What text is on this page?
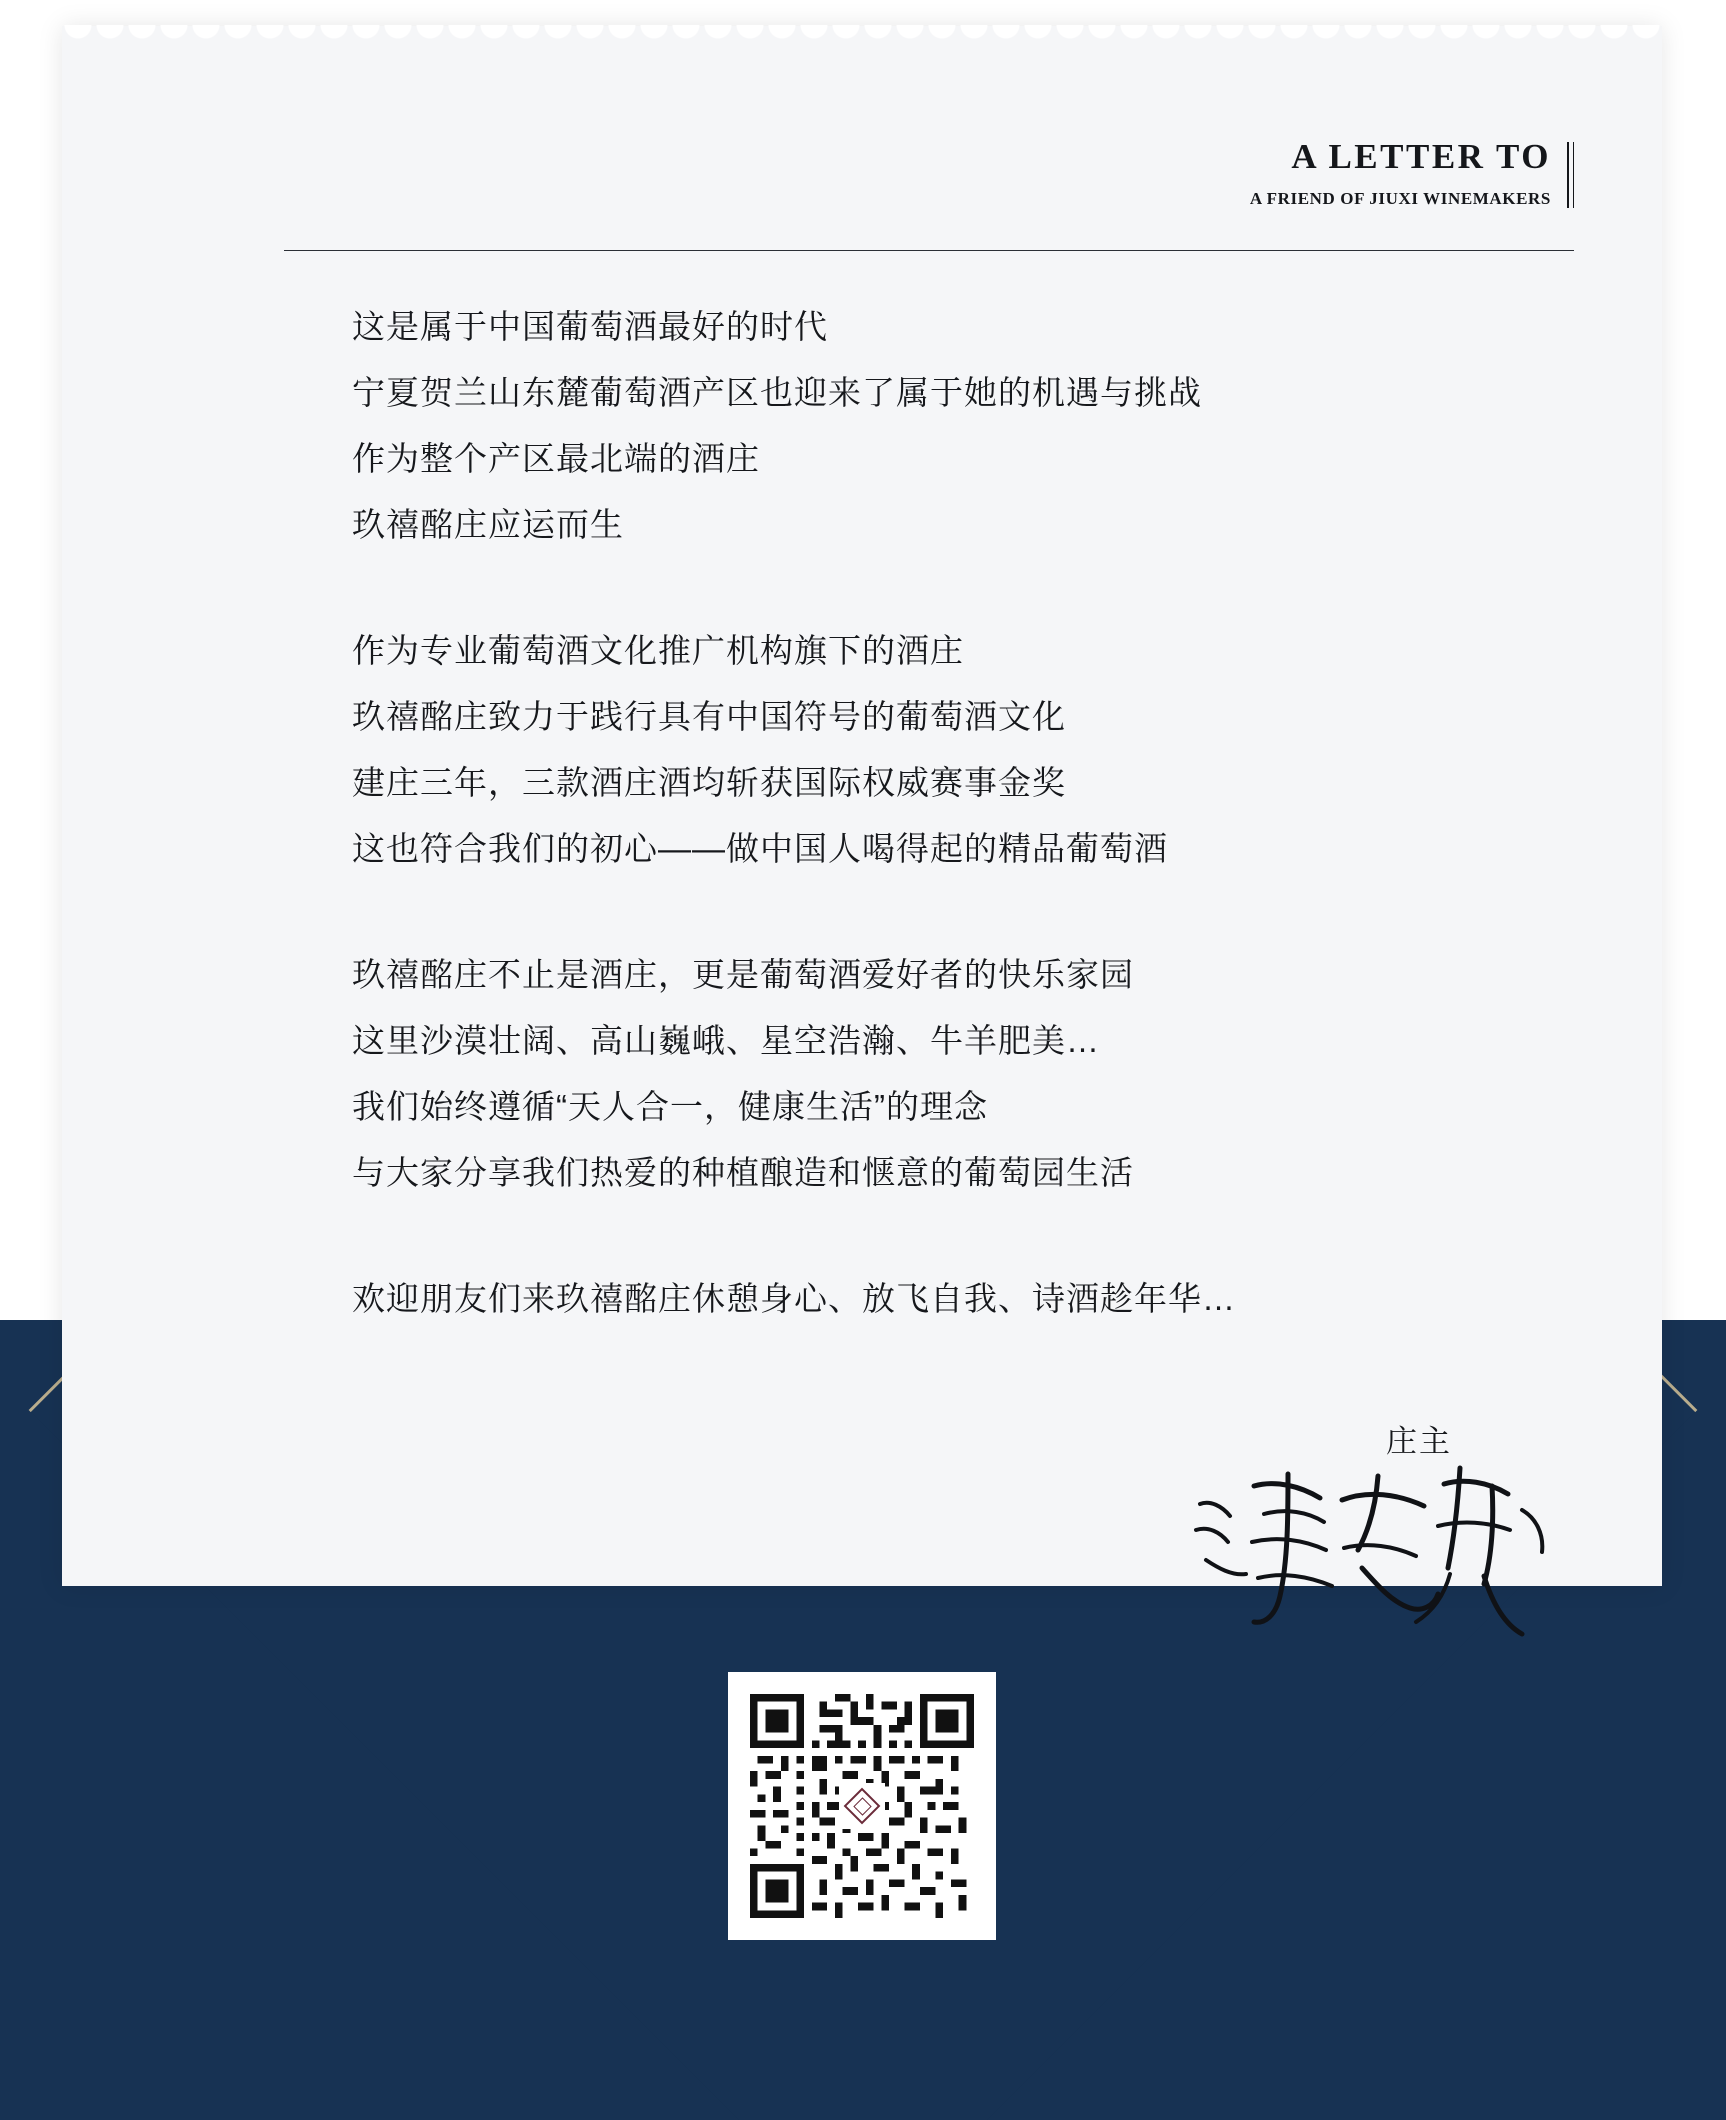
A LETTER TO
A FRIEND OF JIUXI WINEMAKERS
这是属于中国葡萄酒最好的时代
宁夏贺兰山东麓葡萄酒产区也迎来了属于她的机遇与挑战
作为整个产区最北端的酒庄
玖禧酩庄应运而生
作为专业葡萄酒文化推广机构旗下的酒庄
玖禧酩庄致力于践行具有中国符号的葡萄酒文化
建庄三年，三款酒庄酒均斩获国际权威赛事金奖
这也符合我们的初心——做中国人喝得起的精品葡萄酒
玖禧酩庄不止是酒庄，更是葡萄酒爱好者的快乐家园
这里沙漠壮阔、高山巍峨、星空浩瀚、牛羊肥美…
我们始终遵循“天人合一，健康生活”的理念
与大家分享我们热爱的种植酿造和惬意的葡萄园生活
欢迎朋友们来玖禧酩庄休憩身心、放飞自我、诗酒趁年华…
庄主
